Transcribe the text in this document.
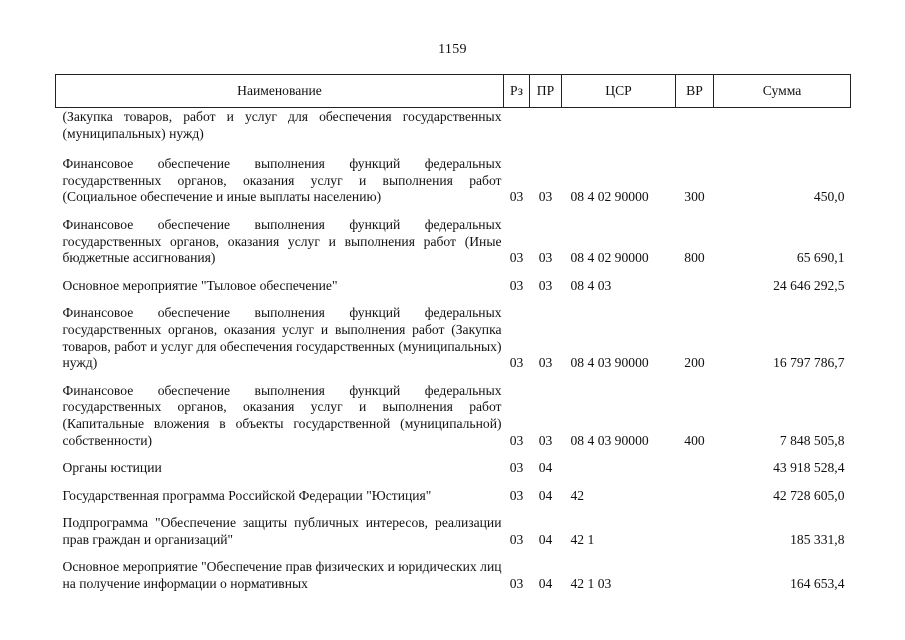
1159
Наименование	Рз	ПР	ЦСР	ВР	Сумма
(Закупка товаров, работ и услуг для обеспечения государственных (муниципальных) нужд)					
Финансовое обеспечение выполнения функций федеральных государственных органов, оказания услуг и выполнения работ (Социальное обеспечение и иные выплаты населению)	03	03	08 4 02 90000	300	450,0
Финансовое обеспечение выполнения функций федеральных государственных органов, оказания услуг и выполнения работ (Иные бюджетные ассигнования)	03	03	08 4 02 90000	800	65 690,1
Основное мероприятие "Тыловое обеспечение"	03	03	08 4 03		24 646 292,5
Финансовое обеспечение выполнения функций федеральных государственных органов, оказания услуг и выполнения работ (Закупка товаров, работ и услуг для обеспечения государственных (муниципальных) нужд)	03	03	08 4 03 90000	200	16 797 786,7
Финансовое обеспечение выполнения функций федеральных государственных органов, оказания услуг и выполнения работ (Капитальные вложения в объекты государственной (муниципальной) собственности)	03	03	08 4 03 90000	400	7 848 505,8
Органы юстиции	03	04			43 918 528,4
Государственная программа Российской Федерации "Юстиция"	03	04	42		42 728 605,0
Подпрограмма "Обеспечение защиты публичных интересов, реализации прав граждан и организаций"	03	04	42 1		185 331,8
Основное мероприятие "Обеспечение прав физических и юридических лиц на получение информации о нормативных	03	04	42 1 03		164 653,4
